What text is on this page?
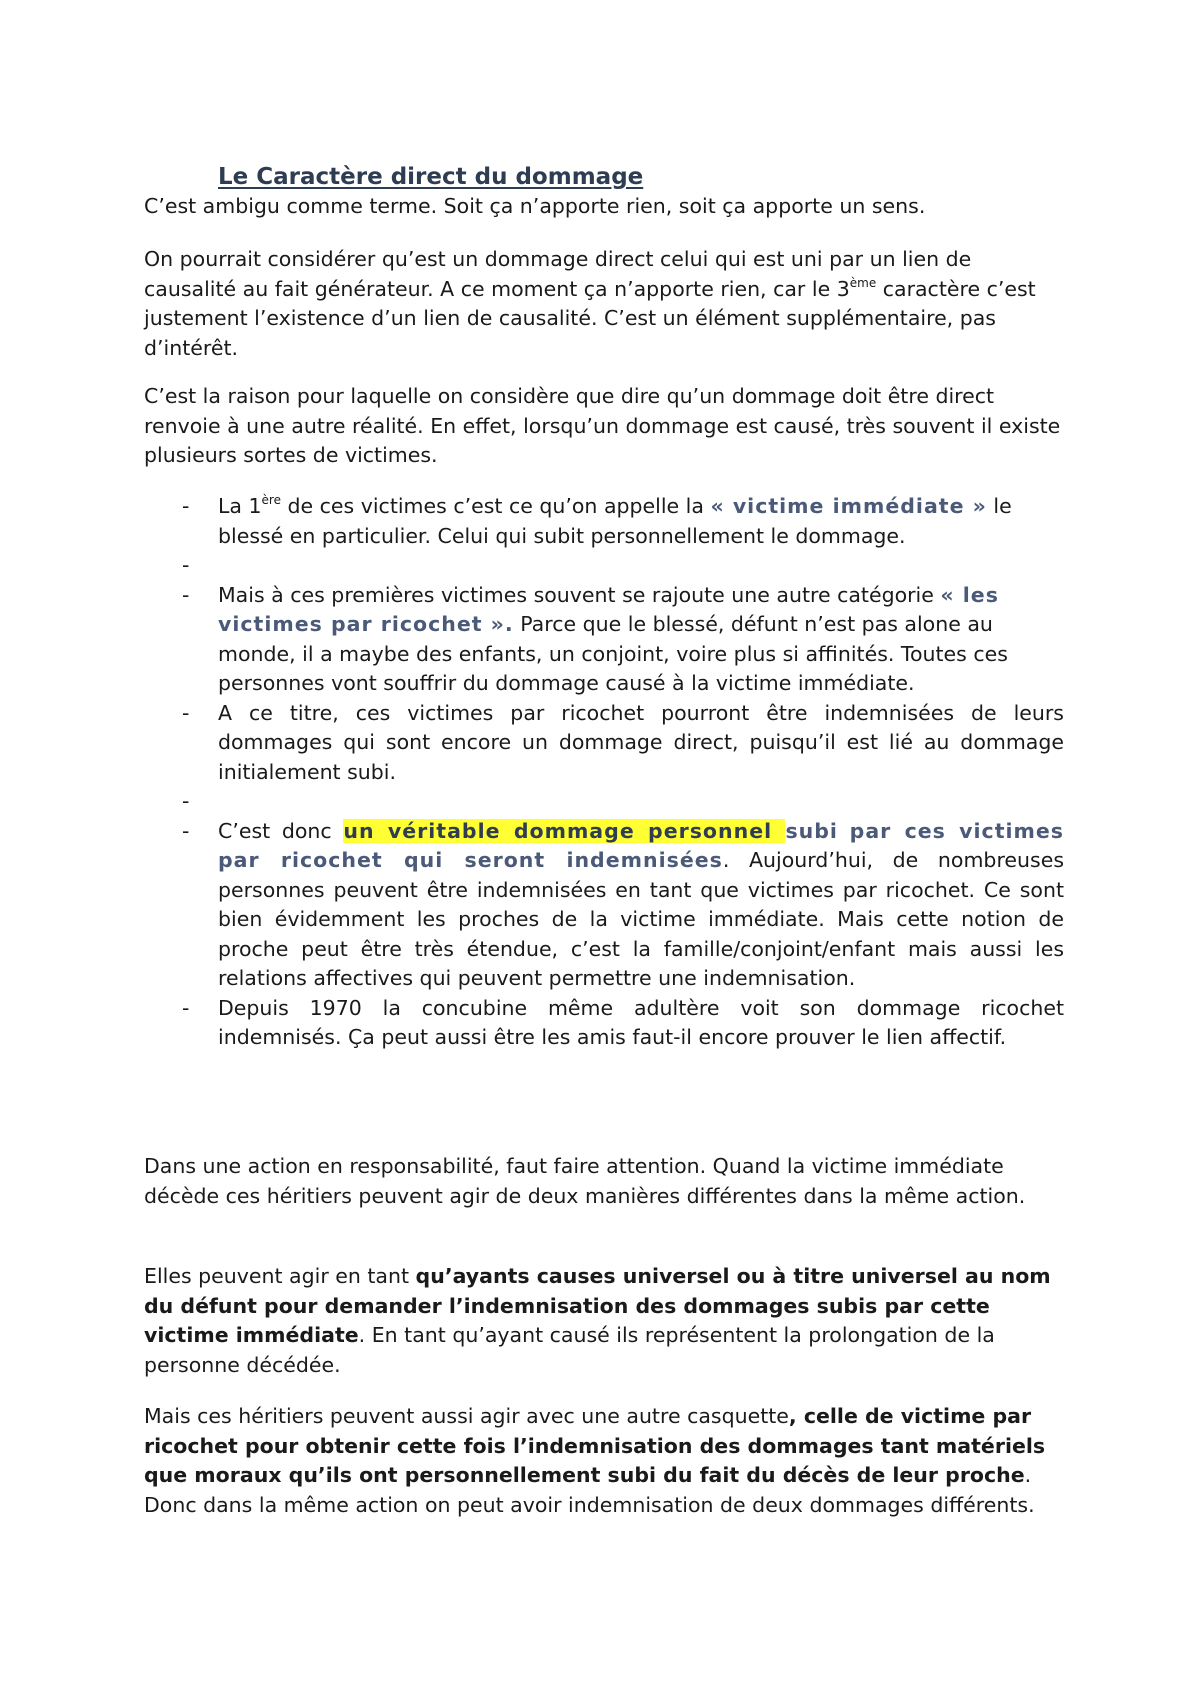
Le Caractère direct du dommage

C’est ambigu comme terme. Soit ça n’apporte rien, soit ça apporte un sens.

On pourrait considérer qu’est un dommage direct celui qui est uni par un lien de causalité au fait générateur. A ce moment ça n’apporte rien, car le 3ème caractère c’est justement l’existence d’un lien de causalité. C’est un élément supplémentaire, pas d’intérêt.

C’est la raison pour laquelle on considère que dire qu’un dommage doit être direct renvoie à une autre réalité. En effet, lorsqu’un dommage est causé, très souvent il existe plusieurs sortes de victimes.

- La 1ère de ces victimes c’est ce qu’on appelle la « victime immédiate » le blessé en particulier. Celui qui subit personnellement le dommage.
-
- Mais à ces premières victimes souvent se rajoute une autre catégorie « les victimes par ricochet ». Parce que le blessé, défunt n’est pas alone au monde, il a maybe des enfants, un conjoint, voire plus si affinités. Toutes ces personnes vont souffrir du dommage causé à la victime immédiate.
- A ce titre, ces victimes par ricochet pourront être indemnisées de leurs dommages qui sont encore un dommage direct, puisqu’il est lié au dommage initialement subi.
-
- C’est donc un véritable dommage personnel subi par ces victimes par ricochet qui seront indemnisées. Aujourd’hui, de nombreuses personnes peuvent être indemnisées en tant que victimes par ricochet. Ce sont bien évidemment les proches de la victime immédiate. Mais cette notion de proche peut être très étendue, c’est la famille/conjoint/enfant mais aussi les relations affectives qui peuvent permettre une indemnisation.
- Depuis 1970 la concubine même adultère voit son dommage ricochet indemnisés. Ça peut aussi être les amis faut-il encore prouver le lien affectif.

Dans une action en responsabilité, faut faire attention. Quand la victime immédiate décède ces héritiers peuvent agir de deux manières différentes dans la même action.

Elles peuvent agir en tant qu’ayants causes universel ou à titre universel au nom du défunt pour demander l’indemnisation des dommages subis par cette victime immédiate. En tant qu’ayant causé ils représentent la prolongation de la personne décédée.

Mais ces héritiers peuvent aussi agir avec une autre casquette, celle de victime par ricochet pour obtenir cette fois l’indemnisation des dommages tant matériels que moraux qu’ils ont personnellement subi du fait du décès de leur proche. Donc dans la même action on peut avoir indemnisation de deux dommages différents.
